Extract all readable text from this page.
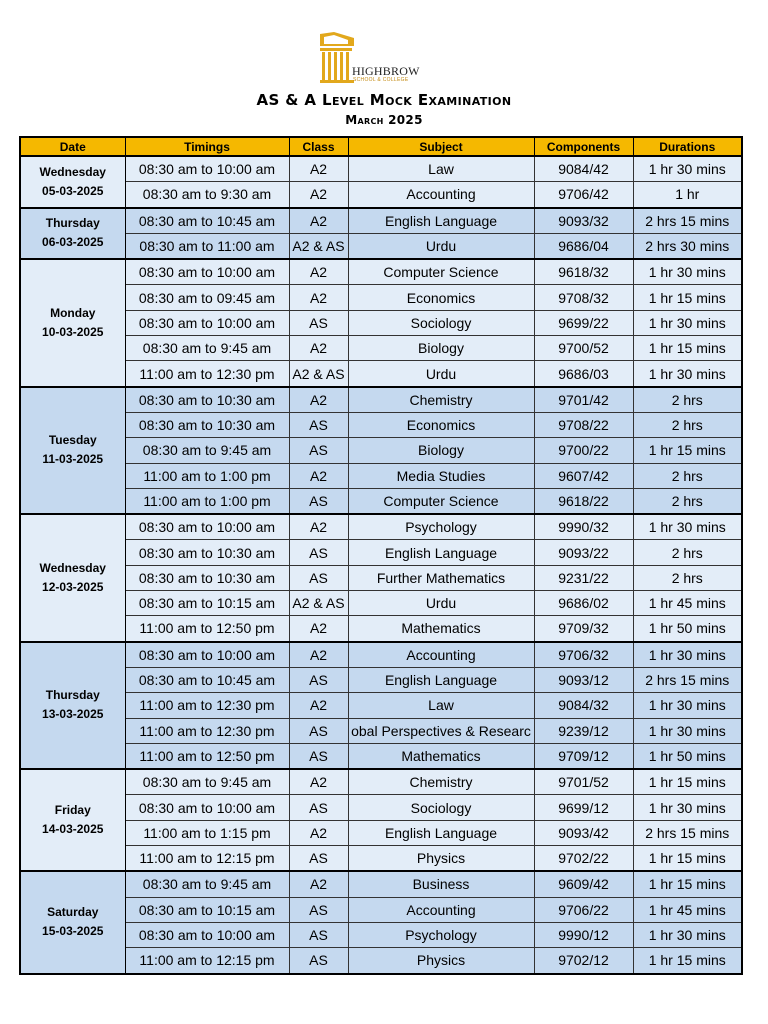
HIGHBROW
SCHOOL & COLLEGE
AS & A Level Mock Examination
March 2025
Date	Timings	Class	Subject	Components	Durations

Wednesday
05-03-2025	08:30 am to 10:00 am	A2	Law	9084/42	1 hr 30 mins
	08:30 am to 9:30 am	A2	Accounting	9706/42	1 hr

Thursday
06-03-2025	08:30 am to 10:45 am	A2	English Language	9093/32	2 hrs 15 mins
	08:30 am to 11:00 am	A2 & AS	Urdu	9686/04	2 hrs 30 mins

Monday
10-03-2025	08:30 am to 10:00 am	A2	Computer Science	9618/32	1 hr 30 mins
	08:30 am to 09:45 am	A2	Economics	9708/32	1 hr 15 mins
	08:30 am to 10:00 am	AS	Sociology	9699/22	1 hr 30 mins
	08:30 am to 9:45 am	A2	Biology	9700/52	1 hr 15 mins
	11:00 am to 12:30 pm	A2 & AS	Urdu	9686/03	1 hr 30 mins

Tuesday
11-03-2025	08:30 am to 10:30 am	A2	Chemistry	9701/42	2 hrs
	08:30 am to 10:30 am	AS	Economics	9708/22	2 hrs
	08:30 am to 9:45 am	AS	Biology	9700/22	1 hr 15 mins
	11:00 am to 1:00 pm	A2	Media Studies	9607/42	2 hrs
	11:00 am to 1:00 pm	AS	Computer Science	9618/22	2 hrs

Wednesday
12-03-2025	08:30 am to 10:00 am	A2	Psychology	9990/32	1 hr 30 mins
	08:30 am to 10:30 am	AS	English Language	9093/22	2 hrs
	08:30 am to 10:30 am	AS	Further Mathematics	9231/22	2 hrs
	08:30 am to 10:15 am	A2 & AS	Urdu	9686/02	1 hr 45 mins
	11:00 am to 12:50 pm	A2	Mathematics	9709/32	1 hr 50 mins

Thursday
13-03-2025	08:30 am to 10:00 am	A2	Accounting	9706/32	1 hr 30 mins
	08:30 am to 10:45 am	AS	English Language	9093/12	2 hrs 15 mins
	11:00 am to 12:30 pm	A2	Law	9084/32	1 hr 30 mins
	11:00 am to 12:30 pm	AS	obal Perspectives & Researc	9239/12	1 hr 30 mins
	11:00 am to 12:50 pm	AS	Mathematics	9709/12	1 hr 50 mins

Friday
14-03-2025	08:30 am to 9:45 am	A2	Chemistry	9701/52	1 hr 15 mins
	08:30 am to 10:00 am	AS	Sociology	9699/12	1 hr 30 mins
	11:00 am to 1:15 pm	A2	English Language	9093/42	2 hrs 15 mins
	11:00 am to 12:15 pm	AS	Physics	9702/22	1 hr 15 mins

Saturday
15-03-2025	08:30 am to 9:45 am	A2	Business	9609/42	1 hr 15 mins
	08:30 am to 10:15 am	AS	Accounting	9706/22	1 hr 45 mins
	08:30 am to 10:00 am	AS	Psychology	9990/12	1 hr 30 mins
	11:00 am to 12:15 pm	AS	Physics	9702/12	1 hr 15 mins
